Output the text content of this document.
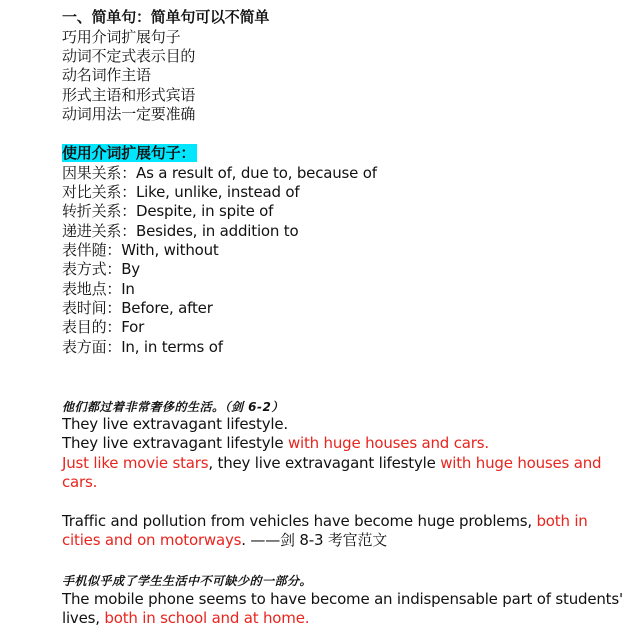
一、简单句：简单句可以不简单
巧用介词扩展句子
动词不定式表示目的
动名词作主语
形式主语和形式宾语
动词用法一定要准确
使用介词扩展句子：
因果关系：As a result of, due to, because of
对比关系：Like, unlike, instead of
转折关系：Despite, in spite of
递进关系：Besides, in addition to
表伴随：With, without
表方式：By
表地点：In
表时间：Before, after
表目的：For
表方面：In, in terms of
他们都过着非常奢侈的生活。（剑 6-2）
They live extravagant lifestyle.
They live extravagant lifestyle with huge houses and cars.
Just like movie stars, they live extravagant lifestyle with huge houses and
cars.
Traffic and pollution from vehicles have become huge problems, both in
cities and on motorways. ——剑 8-3 考官范文
手机似乎成了学生生活中不可缺少的一部分。
The mobile phone seems to have become an indispensable part of students'
lives, both in school and at home.
